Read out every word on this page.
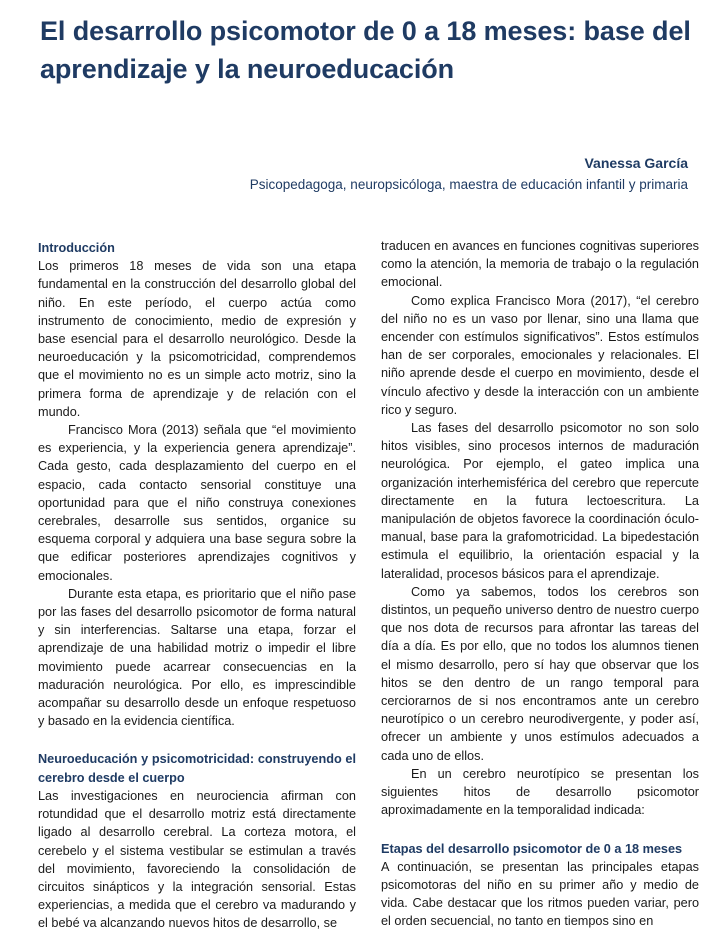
El desarrollo psicomotor de 0 a 18 meses: base del aprendizaje y la neuroeducación
Vanessa García
Psicopedagoga, neuropsicóloga, maestra de educación infantil y primaria
Introducción

Los primeros 18 meses de vida son una etapa fundamental en la construcción del desarrollo global del niño. En este período, el cuerpo actúa como instrumento de conocimiento, medio de expresión y base esencial para el desarrollo neurológico. Desde la neuroeducación y la psicomotricidad, comprendemos que el movimiento no es un simple acto motriz, sino la primera forma de aprendizaje y de relación con el mundo.

Francisco Mora (2013) señala que “el movimiento es experiencia, y la experiencia genera aprendizaje”. Cada gesto, cada desplazamiento del cuerpo en el espacio, cada contacto sensorial constituye una oportunidad para que el niño construya conexiones cerebrales, desarrolle sus sentidos, organice su esquema corporal y adquiera una base segura sobre la que edificar posteriores aprendizajes cognitivos y emocionales.

Durante esta etapa, es prioritario que el niño pase por las fases del desarrollo psicomotor de forma natural y sin interferencias. Saltarse una etapa, forzar el aprendizaje de una habilidad motriz o impedir el libre movimiento puede acarrear consecuencias en la maduración neurológica. Por ello, es imprescindible acompañar su desarrollo desde un enfoque respetuoso y basado en la evidencia científica.

Neuroeducación y psicomotricidad: construyendo el cerebro desde el cuerpo

Las investigaciones en neurociencia afirman con rotundidad que el desarrollo motriz está directamente ligado al desarrollo cerebral. La corteza motora, el cerebelo y el sistema vestibular se estimulan a través del movimiento, favoreciendo la consolidación de circuitos sinápticos y la integración sensorial. Estas experiencias, a medida que el cerebro va madurando y el bebé va alcanzando nuevos hitos de desarrollo, se

traducen en avances en funciones cognitivas superiores como la atención, la memoria de trabajo o la regulación emocional.

Como explica Francisco Mora (2017), “el cerebro del niño no es un vaso por llenar, sino una llama que encender con estímulos significativos”. Estos estímulos han de ser corporales, emocionales y relacionales. El niño aprende desde el cuerpo en movimiento, desde el vínculo afectivo y desde la interacción con un ambiente rico y seguro.

Las fases del desarrollo psicomotor no son solo hitos visibles, sino procesos internos de maduración neurológica. Por ejemplo, el gateo implica una organización interhemisférica del cerebro que repercute directamente en la futura lectoescritura. La manipulación de objetos favorece la coordinación óculo-manual, base para la grafomotricidad. La bipedestación estimula el equilibrio, la orientación espacial y la lateralidad, procesos básicos para el aprendizaje.

Como ya sabemos, todos los cerebros son distintos, un pequeño universo dentro de nuestro cuerpo que nos dota de recursos para afrontar las tareas del día a día. Es por ello, que no todos los alumnos tienen el mismo desarrollo, pero sí hay que observar que los hitos se den dentro de un rango temporal para cerciorarnos de si nos encontramos ante un cerebro neurotípico o un cerebro neurodivergente, y poder así, ofrecer un ambiente y unos estímulos adecuados a cada uno de ellos.

En un cerebro neurotípico se presentan los siguientes hitos de desarrollo psicomotor aproximadamente en la temporalidad indicada:

Etapas del desarrollo psicomotor de 0 a 18 meses

A continuación, se presentan las principales etapas psicomotoras del niño en su primer año y medio de vida. Cabe destacar que los ritmos pueden variar, pero el orden secuencial, no tanto en tiempos sino en
